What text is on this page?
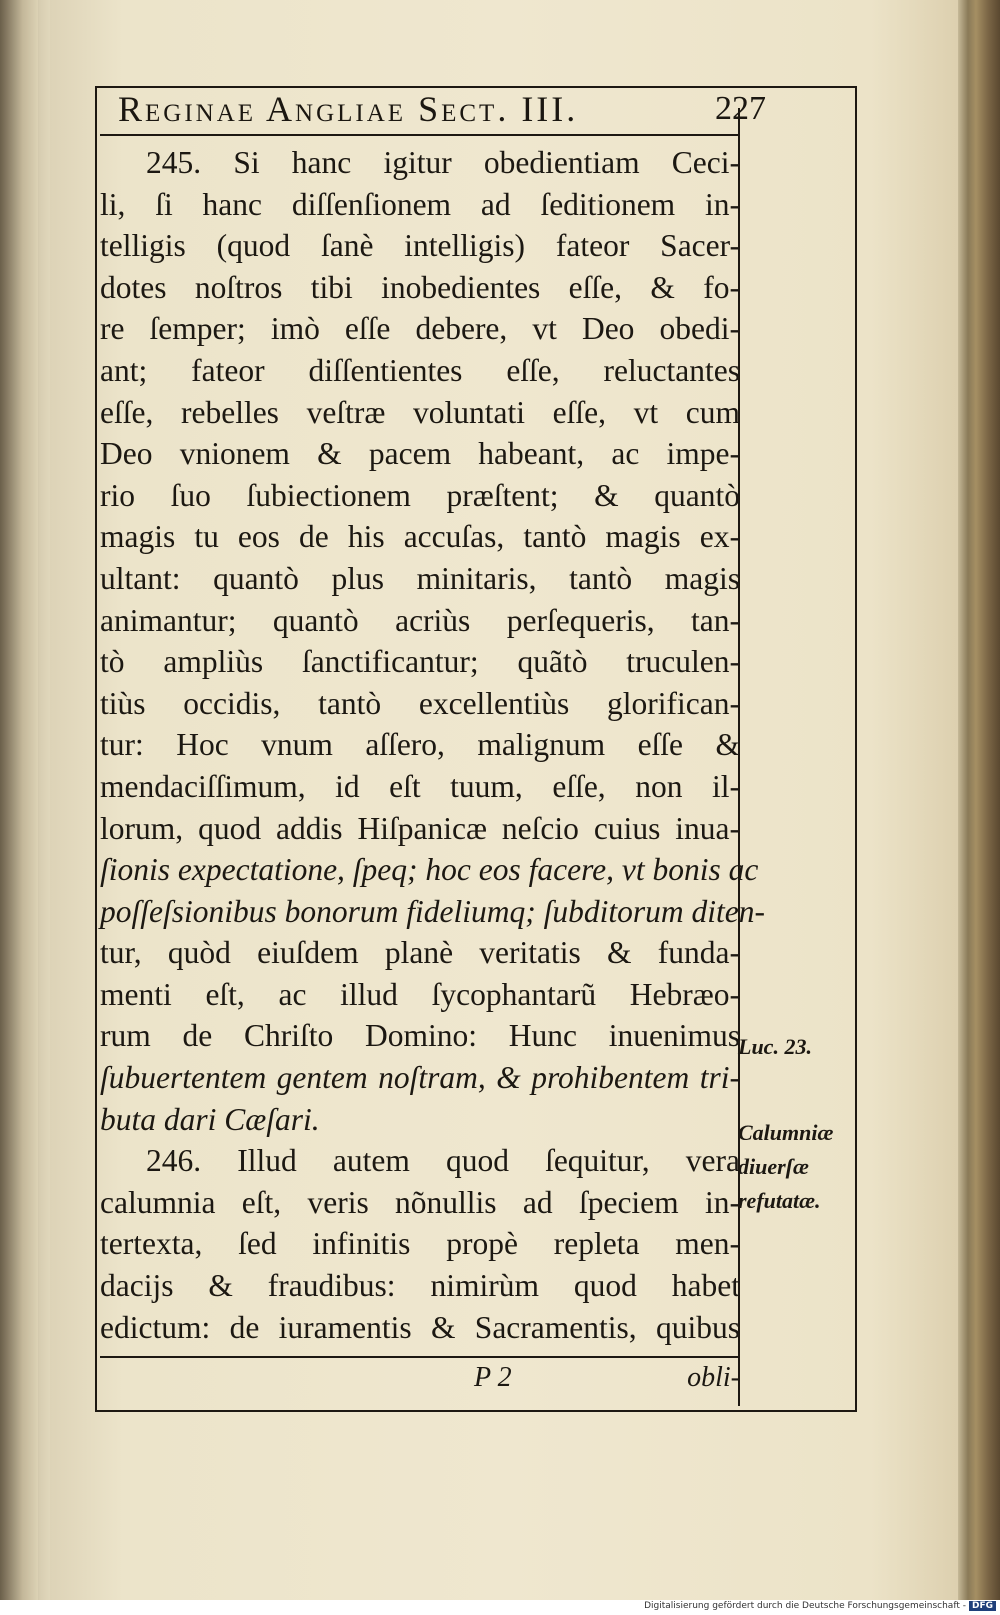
Reginae Angliae Sect. III.	227
245. Si hanc igitur obedientiam Ceci-
li, ſi hanc diſſenſionem ad ſeditionem in-
telligis (quod ſanè intelligis) fateor Sacer-
dotes noſtros tibi inobedientes eſſe, & fo-
re ſemper; imò eſſe debere, vt Deo obedi-
ant; fateor diſſentientes eſſe, reluctantes
eſſe, rebelles veſtræ voluntati eſſe, vt cum
Deo vnionem & pacem habeant, ac impe-
rio ſuo ſubiectionem præſtent; & quantò
magis tu eos de his accuſas, tantò magis ex-
ultant: quantò plus minitaris, tantò magis
animantur; quantò acriùs perſequeris, tan-
tò ampliùs ſanctificantur; quãtò truculen-
tiùs occidis, tantò excellentiùs glorifican-
tur: Hoc vnum aſſero, malignum eſſe &
mendaciſſimum, id eſt tuum, eſſe, non il-
lorum, quod addis Hiſpanicæ neſcio cuius inua-
ſionis expectatione, ſpeq; hoc eos facere, vt bonis ac
poſſeſsionibus bonorum fideliumq; ſubditorum diten-
tur, quòd eiuſdem planè veritatis & funda-
menti eſt, ac illud ſycophantarũ Hebræo-
rum de Chriſto Domino: Hunc inuenimus
ſubuertentem gentem noſtram, & prohibentem tri-
buta dari Cæſari.
246. Illud autem quod ſequitur, vera
calumnia eſt, veris nõnullis ad ſpeciem in-
tertexta, ſed infinitis propè repleta men-
dacijs & fraudibus: nimirùm quod habet
edictum: de iuramentis & Sacramentis, quibus
Luc. 23.
Calumniæ
diuerſæ
refutatæ.
P 2	obli-
Digitalisierung gefördert durch die Deutsche Forschungsgemeinschaft - DFG
